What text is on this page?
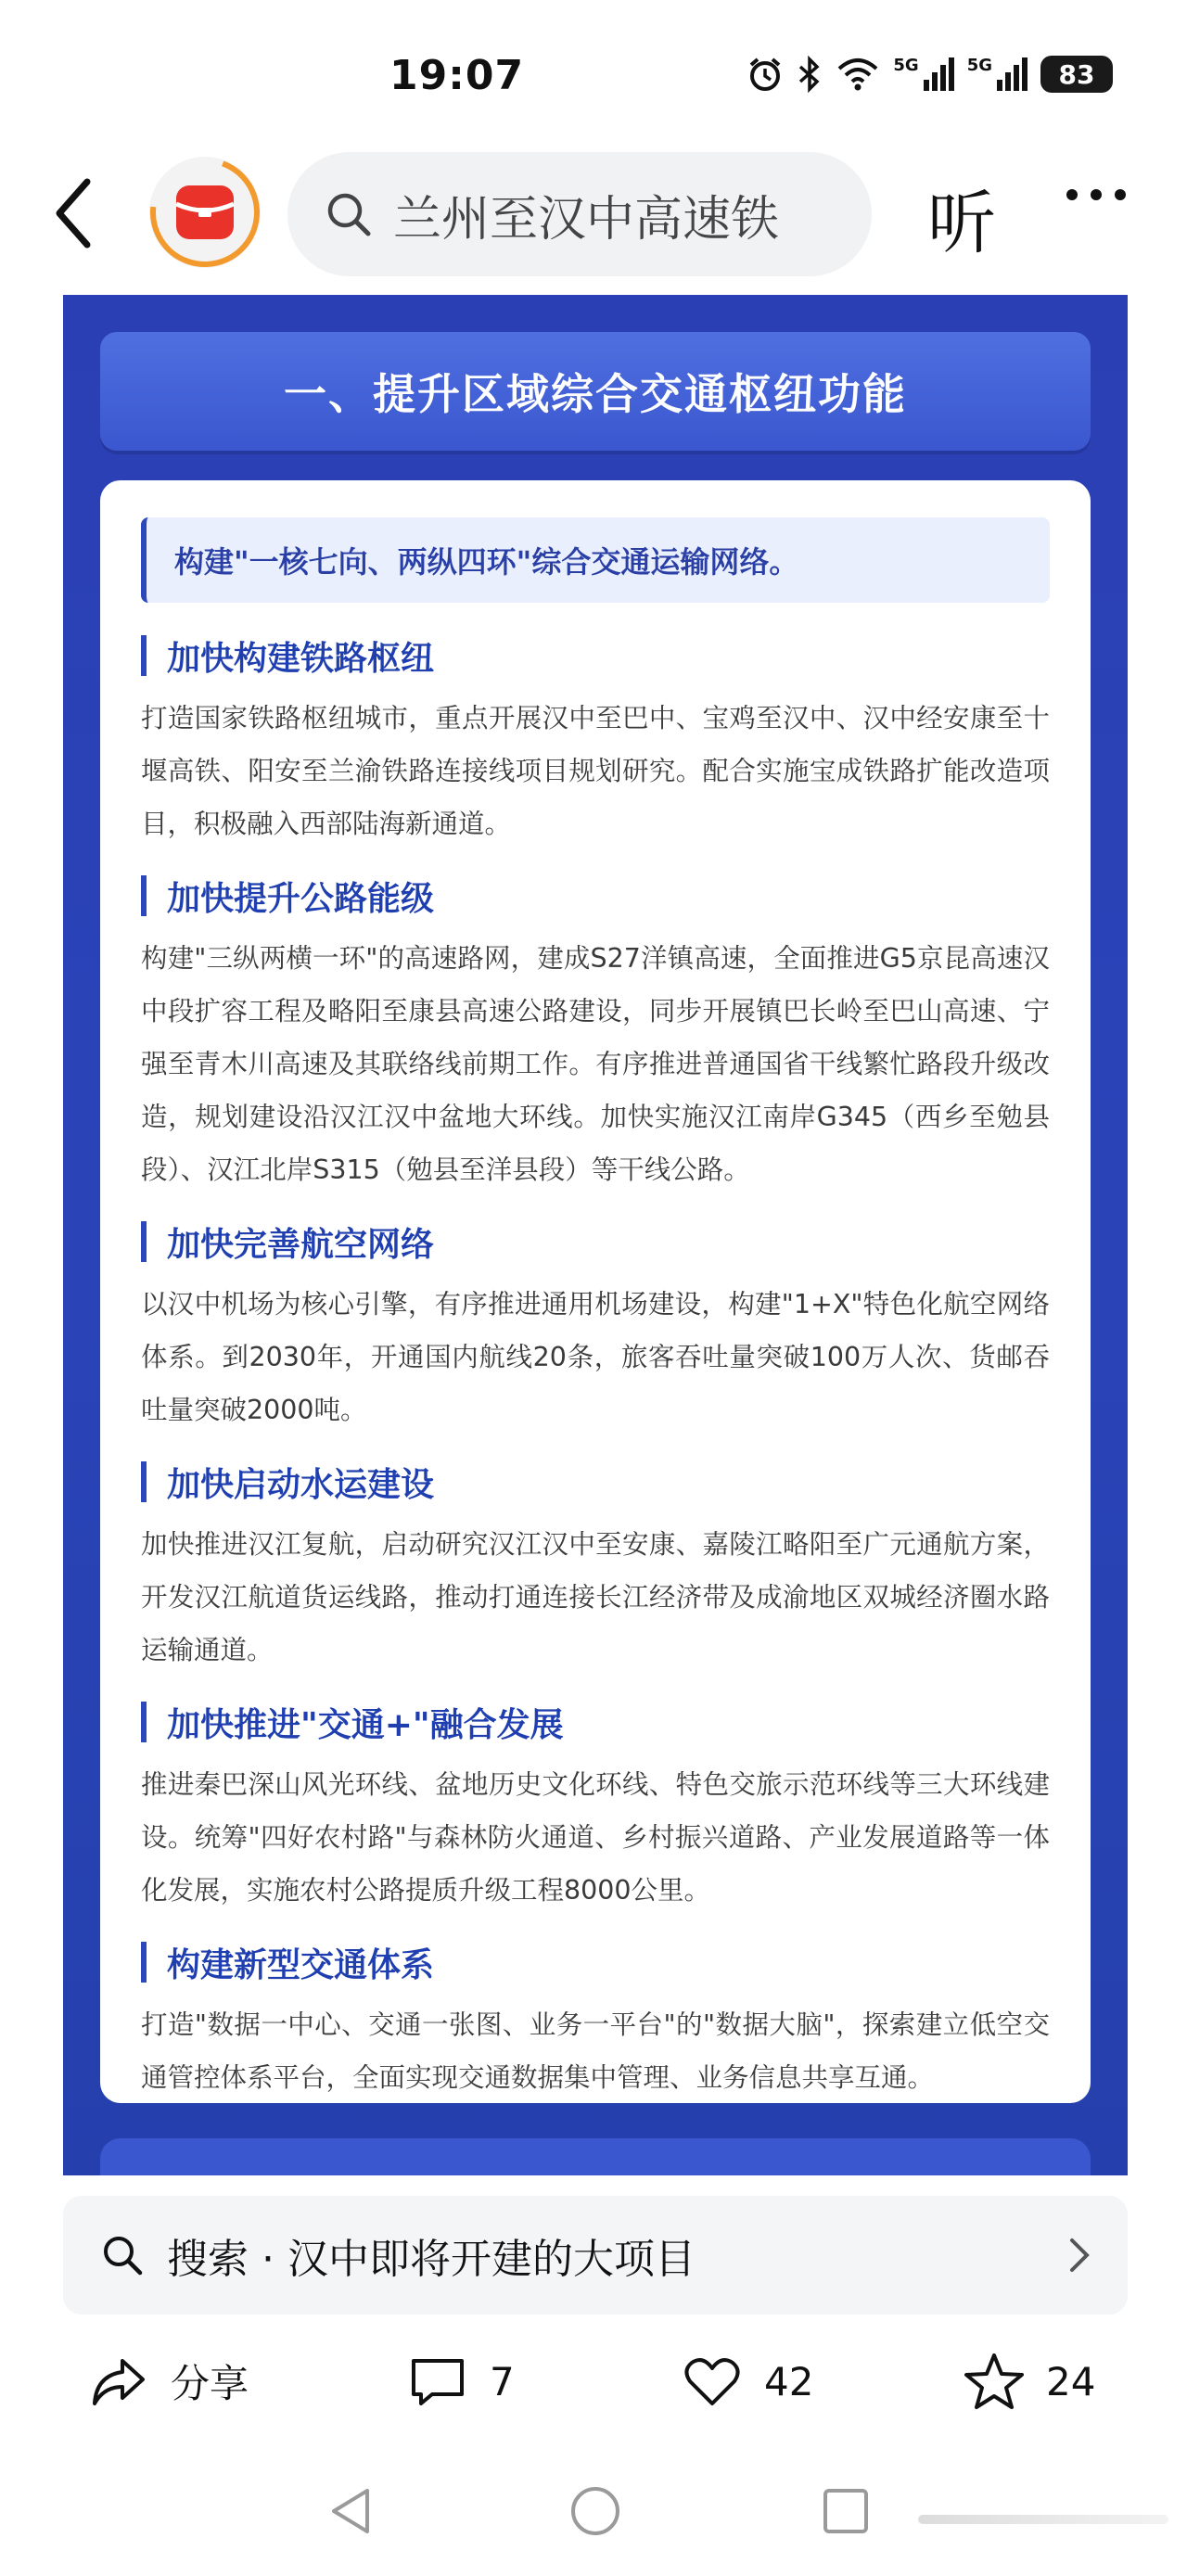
19:07	5G	5G	83
兰州至汉中高速铁 听
一、提升区域综合交通枢纽功能
构建"一核七向、两纵四环"综合交通运输网络。
加快构建铁路枢纽
打造国家铁路枢纽城市，重点开展汉中至巴中、宝鸡至汉中、汉中经安康至十堰高铁、阳安至兰渝铁路连接线项目规划研究。配合实施宝成铁路扩能改造项目，积极融入西部陆海新通道。
加快提升公路能级
构建"三纵两横一环"的高速路网，建成S27洋镇高速，全面推进G5京昆高速汉中段扩容工程及略阳至康县高速公路建设，同步开展镇巴长岭至巴山高速、宁强至青木川高速及其联络线前期工作。有序推进普通国省干线繁忙路段升级改造，规划建设沿汉江汉中盆地大环线。加快实施汉江南岸G345（西乡至勉县段）、汉江北岸S315（勉县至洋县段）等干线公路。
加快完善航空网络
以汉中机场为核心引擎，有序推进通用机场建设，构建"1+X"特色化航空网络体系。到2030年，开通国内航线20条，旅客吞吐量突破100万人次、货邮吞吐量突破2000吨。
加快启动水运建设
加快推进汉江复航，启动研究汉江汉中至安康、嘉陵江略阳至广元通航方案，开发汉江航道货运线路，推动打通连接长江经济带及成渝地区双城经济圈水路运输通道。
加快推进"交通+"融合发展
推进秦巴深山风光环线、盆地历史文化环线、特色交旅示范环线等三大环线建设。统筹"四好农村路"与森林防火通道、乡村振兴道路、产业发展道路等一体化发展，实施农村公路提质升级工程8000公里。
构建新型交通体系
打造"数据一中心、交通一张图、业务一平台"的"数据大脑"，探索建立低空交通管控体系平台，全面实现交通数据集中管理、业务信息共享互通。
搜索 · 汉中即将开建的大项目
分享	7	42	24
